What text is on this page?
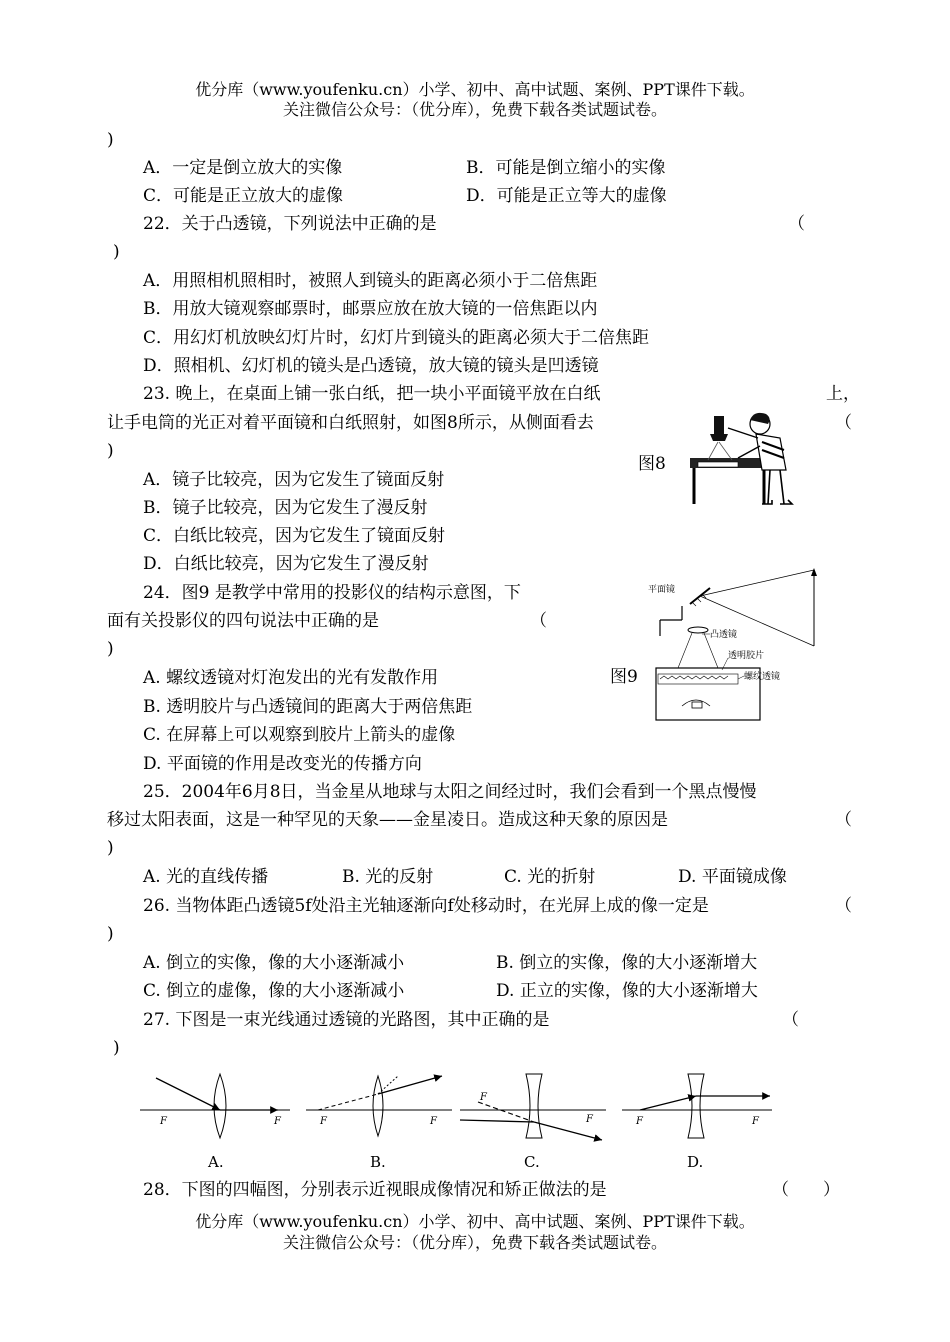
优分库（www.youfenku.cn）小学、初中、高中试题、案例、PPT课件下载。
关注微信公众号：（优分库），免费下载各类试题试卷。
)
A．一定是倒立放大的实像	B．可能是倒立缩小的实像
C．可能是正立放大的虚像	D．可能是正立等大的虚像
22．关于凸透镜，下列说法中正确的是	（
)
A．用照相机照相时，被照人到镜头的距离必须小于二倍焦距
B．用放大镜观察邮票时，邮票应放在放大镜的一倍焦距以内
C．用幻灯机放映幻灯片时，幻灯片到镜头的距离必须大于二倍焦距
D．照相机、幻灯机的镜头是凸透镜，放大镜的镜头是凹透镜
23. 晚上，在桌面上铺一张白纸，把一块小平面镜平放在白纸	上，
让手电筒的光正对着平面镜和白纸照射，如图8所示，从侧面看去	（
)
图8
A．镜子比较亮，因为它发生了镜面反射
B．镜子比较亮，因为它发生了漫反射
C．白纸比较亮，因为它发生了镜面反射
D．白纸比较亮，因为它发生了漫反射
24．图9 是教学中常用的投影仪的结构示意图，下
面有关投影仪的四句说法中正确的是	（
)
图9
A. 螺纹透镜对灯泡发出的光有发散作用
B. 透明胶片与凸透镜间的距离大于两倍焦距
C. 在屏幕上可以观察到胶片上箭头的虚像
D. 平面镜的作用是改变光的传播方向
平面镜
凸透镜
透明胶片
螺纹透镜
25．2004年6月8日，当金星从地球与太阳之间经过时，我们会看到一个黑点慢慢
移过太阳表面，这是一种罕见的天象——金星凌日。造成这种天象的原因是	（
)
A. 光的直线传播	B. 光的反射	C. 光的折射	D. 平面镜成像
26. 当物体距凸透镜5f处沿主光轴逐渐向f处移动时，在光屏上成的像一定是	（
)
A. 倒立的实像，像的大小逐渐减小	B. 倒立的实像，像的大小逐渐增大
C. 倒立的虚像，像的大小逐渐减小	D. 正立的实像，像的大小逐渐增大
27. 下图是一束光线通过透镜的光路图，其中正确的是	（
)
F	F	F	F
F
F	F	F
A.	B.	C.	D.
28．下图的四幅图，分别表示近视眼成像情况和矫正做法的是	（　　）
优分库（www.youfenku.cn）小学、初中、高中试题、案例、PPT课件下载。
关注微信公众号：（优分库），免费下载各类试题试卷。
